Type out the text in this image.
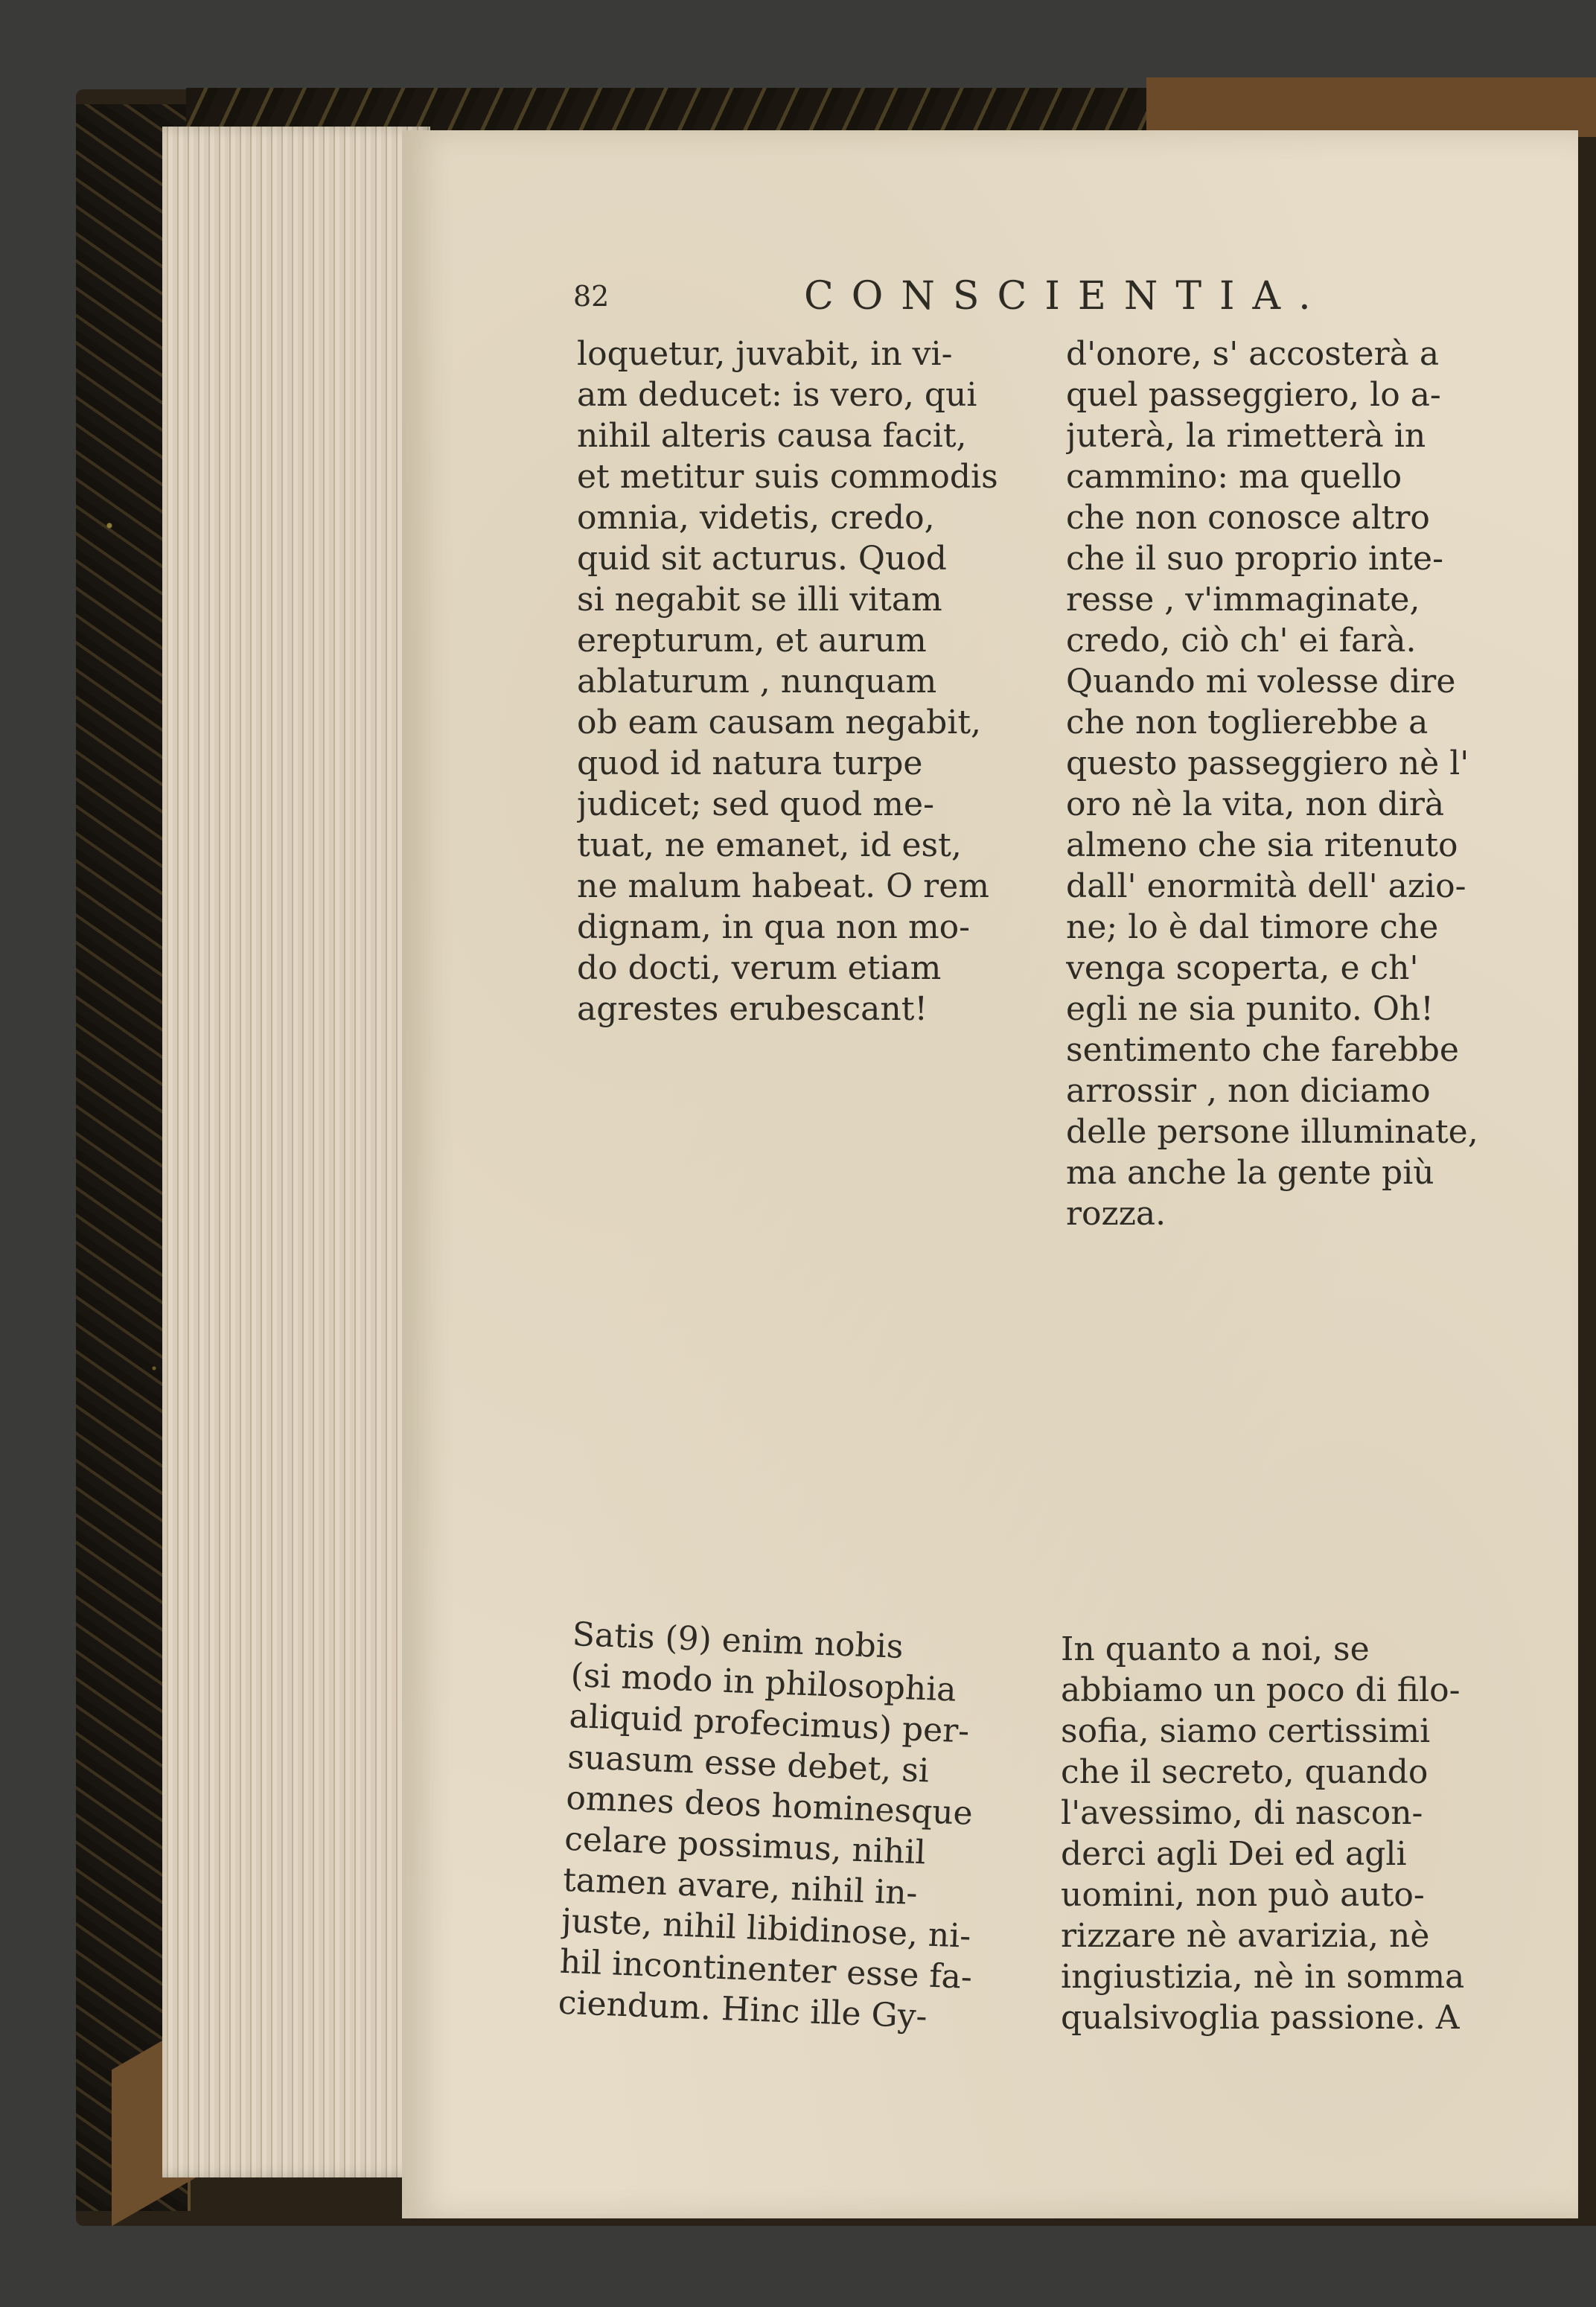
82	CONSCIENTIA.
loquetur, juvabit, in vi-
am deducet: is vero, qui
nihil alteris causa facit,
et metitur suis commodis
omnia, videtis, credo,
quid sit acturus. Quod
si negabit se illi vitam
erepturum, et aurum
ablaturum , nunquam
ob eam causam negabit,
quod id natura turpe
judicet; sed quod me-
tuat, ne emanet, id est,
ne malum habeat. O rem
dignam, in qua non mo-
do docti, verum etiam
agrestes erubescant!
d'onore, s' accosterà a
quel passeggiero, lo a-
juterà, la rimetterà in
cammino: ma quello
che non conosce altro
che il suo proprio inte-
resse , v'immaginate,
credo, ciò ch' ei farà.
Quando mi volesse dire
che non toglierebbe a
questo passeggiero nè l'
oro nè la vita, non dirà
almeno che sia ritenuto
dall' enormità dell' azio-
ne; lo è dal timore che
venga scoperta, e ch'
egli ne sia punito. Oh!
sentimento che farebbe
arrossir , non diciamo
delle persone illuminate,
ma anche la gente più
rozza.
Satis (9) enim nobis
(si modo in philosophia
aliquid profecimus) per-
suasum esse debet, si
omnes deos hominesque
celare possimus, nihil
tamen avare, nihil in-
juste, nihil libidinose, ni-
hil incontinenter esse fa-
ciendum. Hinc ille Gy-
In quanto a noi, se
abbiamo un poco di filo-
sofia, siamo certissimi
che il secreto, quando
l'avessimo, di nascon-
derci agli Dei ed agli
uomini, non può auto-
rizzare nè avarizia, nè
ingiustizia, nè in somma
qualsivoglia passione. A
